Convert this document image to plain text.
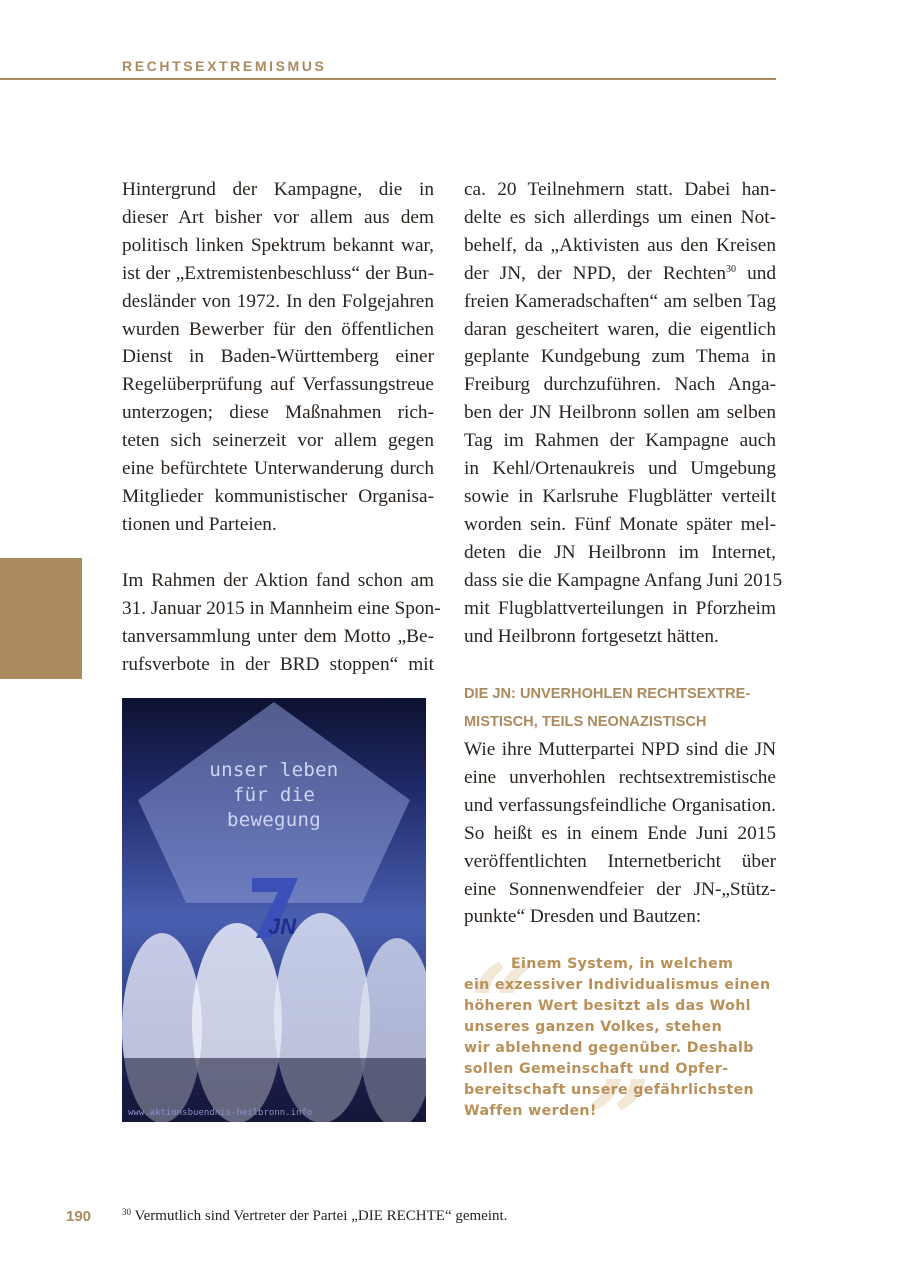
RECHTSEXTREMISMUS

Hintergrund der Kampagne, die in
dieser Art bisher vor allem aus dem
politisch linken Spektrum bekannt war,
ist der „Extremistenbeschluss“ der Bun-
desländer von 1972. In den Folgejahren
wurden Bewerber für den öffentlichen
Dienst in Baden-Württemberg einer
Regelüberprüfung auf Verfassungstreue
unterzogen; diese Maßnahmen rich-
teten sich seinerzeit vor allem gegen
eine befürchtete Unterwanderung durch
Mitglieder kommunistischer Organisa-
tionen und Parteien.

Im Rahmen der Aktion fand schon am
31. Januar 2015 in Mannheim eine Spon-
tanversammlung unter dem Motto „Be-
rufsverbote in der BRD stoppen“ mit

ca. 20 Teilnehmern statt. Dabei han-
delte es sich allerdings um einen Not-
behelf, da „Aktivisten aus den Kreisen
der JN, der NPD, der Rechten$^{30}$ und
freien Kameradschaften“ am selben Tag
daran gescheitert waren, die eigentlich
geplante Kundgebung zum Thema in
Freiburg durchzuführen. Nach Anga-
ben der JN Heilbronn sollen am selben
Tag im Rahmen der Kampagne auch
in Kehl/Ortenaukreis und Umgebung
sowie in Karlsruhe Flugblätter verteilt
worden sein. Fünf Monate später mel-
deten die JN Heilbronn im Internet,
dass sie die Kampagne Anfang Juni 2015
mit Flugblattverteilungen in Pforzheim
und Heilbronn fortgesetzt hätten.

DIE JN: UNVERHOHLEN RECHTSEXTRE-
MISTISCH, TEILS NEONAZISTISCH
Wie ihre Mutterpartei NPD sind die JN
eine unverhohlen rechtsextremistische
und verfassungsfeindliche Organisation.
So heißt es in einem Ende Juni 2015
veröffentlichten Internetbericht über
eine Sonnenwendfeier der JN-„Stütz-
punkte“ Dresden und Bautzen:
“
”
Einem System, in welchem
ein exzessiver Individualismus einen
höheren Wert besitzt als das Wohl
unseres ganzen Volkes, stehen
wir ablehnend gegenüber. Deshalb
sollen Gemeinschaft und Opfer-
bereitschaft unsere gefährlichsten
Waffen werden!
JN
unser leben
für die
bewegung
www.aktionsbuendnis-heilbronn.info
190	$^{30}$ Vermutlich sind Vertreter der Partei „DIE RECHTE“ gemeint.
